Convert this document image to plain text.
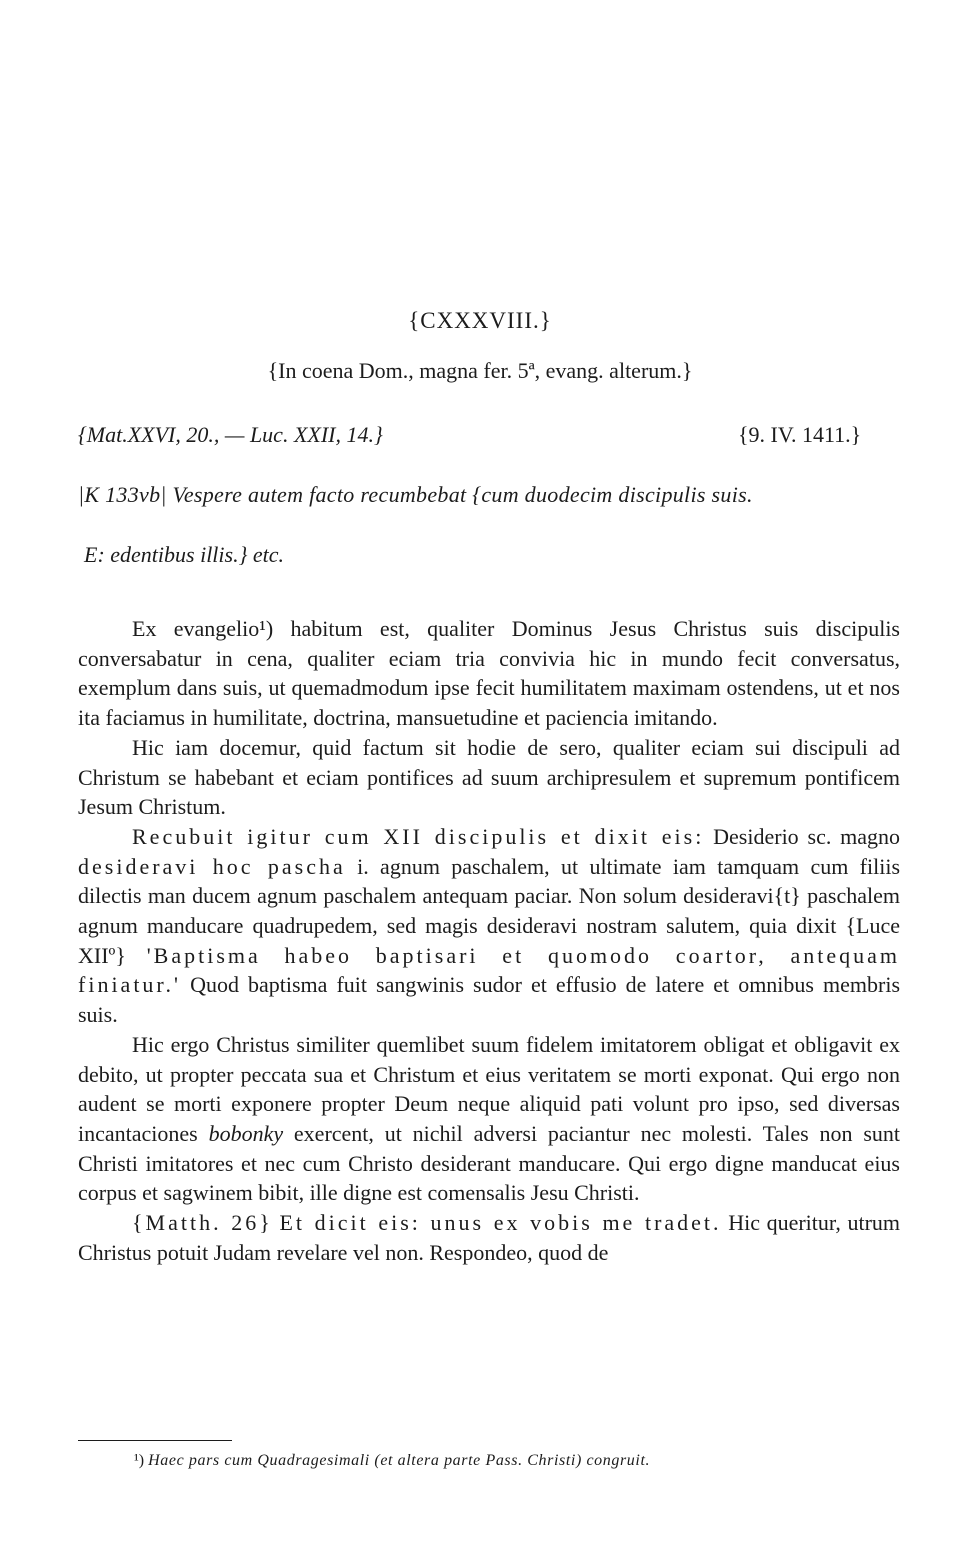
{CXXXVIII.}
{In coena Dom., magna fer. 5ª, evang. alterum.}
{Mat.XXVI, 20., — Luc. XXII, 14.}	{9. IV. 1411.}
|K 133vb| Vespere autem facto recumbebat {cum duodecim discipulis suis.
E: edentibus illis.} etc.

Ex evangelio¹) habitum est, qualiter Dominus Jesus Christus suis discipulis conversabatur in cena, qualiter eciam tria convivia hic in mundo fecit conversatus, exemplum dans suis, ut quemadmodum ipse fecit humilitatem maximam ostendens, ut et nos ita faciamus in humilitate, doctrina, mansuetudine et paciencia imitando.

Hic iam docemur, quid factum sit hodie de sero, qualiter eciam sui discipuli ad Christum se habebant et eciam pontifices ad suum archipresulem et supremum pontificem Jesum Christum.

Recubuit igitur cum XII discipulis et dixit eis: Desiderio sc. magno desideravi hoc pascha i. agnum paschalem, ut ultimate iam tamquam cum filiis dilectis man ducem agnum paschalem antequam paciar. Non solum desideravi{t} paschalem agnum manducare quadrupedem, sed magis desideravi nostram salutem, quia dixit {Luce XIIº} 'Baptisma habeo baptisari et quomodo coartor, antequam finiatur.' Quod baptisma fuit sangwinis sudor et effusio de latere et omnibus membris suis.

Hic ergo Christus similiter quemlibet suum fidelem imitatorem obligat et obligavit ex debito, ut propter peccata sua et Christum et eius veritatem se morti exponat. Qui ergo non audent se morti exponere propter Deum neque aliquid pati volunt pro ipso, sed diversas incantaciones bobonky exercent, ut nichil adversi paciantur nec molesti. Tales non sunt Christi imitatores et nec cum Christo desiderant manducare. Qui ergo digne manducat eius corpus et sagwinem bibit, ille digne est comensalis Jesu Christi.

{Matth. 26} Et dicit eis: unus ex vobis me tradet. Hic queritur, utrum Christus potuit Judam revelare vel non. Respondeo, quod de

¹) Haec pars cum Quadragesimali (et altera parte Pass. Christi) congruit.
